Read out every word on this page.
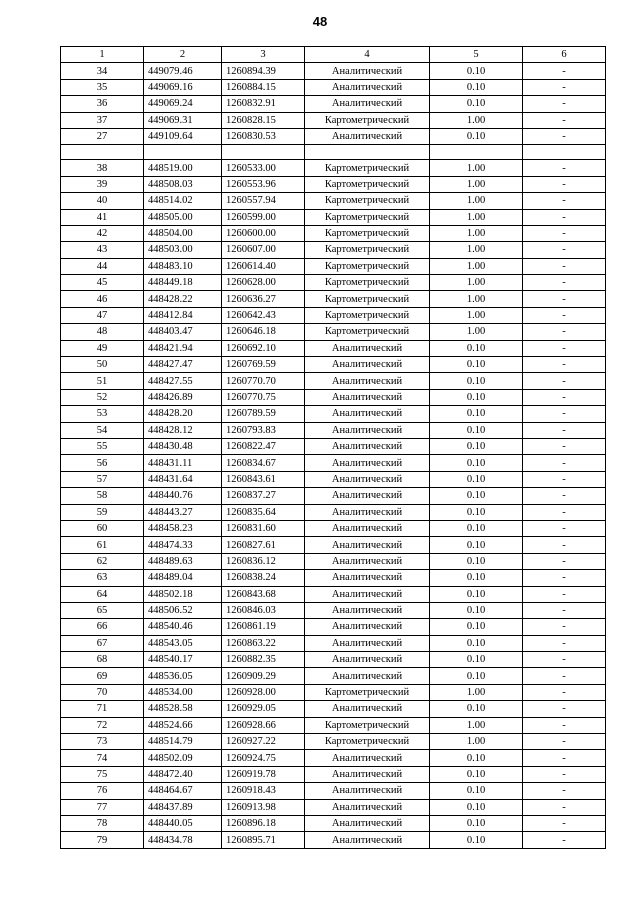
48
1	2	3	4	5	6
34	449079.46	1260894.39	Аналитический	0.10	-
35	449069.16	1260884.15	Аналитический	0.10	-
36	449069.24	1260832.91	Аналитический	0.10	-
37	449069.31	1260828.15	Картометрический	1.00	-
27	449109.64	1260830.53	Аналитический	0.10	-

38	448519.00	1260533.00	Картометрический	1.00	-
39	448508.03	1260553.96	Картометрический	1.00	-
40	448514.02	1260557.94	Картометрический	1.00	-
41	448505.00	1260599.00	Картометрический	1.00	-
42	448504.00	1260600.00	Картометрический	1.00	-
43	448503.00	1260607.00	Картометрический	1.00	-
44	448483.10	1260614.40	Картометрический	1.00	-
45	448449.18	1260628.00	Картометрический	1.00	-
46	448428.22	1260636.27	Картометрический	1.00	-
47	448412.84	1260642.43	Картометрический	1.00	-
48	448403.47	1260646.18	Картометрический	1.00	-
49	448421.94	1260692.10	Аналитический	0.10	-
50	448427.47	1260769.59	Аналитический	0.10	-
51	448427.55	1260770.70	Аналитический	0.10	-
52	448426.89	1260770.75	Аналитический	0.10	-
53	448428.20	1260789.59	Аналитический	0.10	-
54	448428.12	1260793.83	Аналитический	0.10	-
55	448430.48	1260822.47	Аналитический	0.10	-
56	448431.11	1260834.67	Аналитический	0.10	-
57	448431.64	1260843.61	Аналитический	0.10	-
58	448440.76	1260837.27	Аналитический	0.10	-
59	448443.27	1260835.64	Аналитический	0.10	-
60	448458.23	1260831.60	Аналитический	0.10	-
61	448474.33	1260827.61	Аналитический	0.10	-
62	448489.63	1260836.12	Аналитический	0.10	-
63	448489.04	1260838.24	Аналитический	0.10	-
64	448502.18	1260843.68	Аналитический	0.10	-
65	448506.52	1260846.03	Аналитический	0.10	-
66	448540.46	1260861.19	Аналитический	0.10	-
67	448543.05	1260863.22	Аналитический	0.10	-
68	448540.17	1260882.35	Аналитический	0.10	-
69	448536.05	1260909.29	Аналитический	0.10	-
70	448534.00	1260928.00	Картометрический	1.00	-
71	448528.58	1260929.05	Аналитический	0.10	-
72	448524.66	1260928.66	Картометрический	1.00	-
73	448514.79	1260927.22	Картометрический	1.00	-
74	448502.09	1260924.75	Аналитический	0.10	-
75	448472.40	1260919.78	Аналитический	0.10	-
76	448464.67	1260918.43	Аналитический	0.10	-
77	448437.89	1260913.98	Аналитический	0.10	-
78	448440.05	1260896.18	Аналитический	0.10	-
79	448434.78	1260895.71	Аналитический	0.10	-
